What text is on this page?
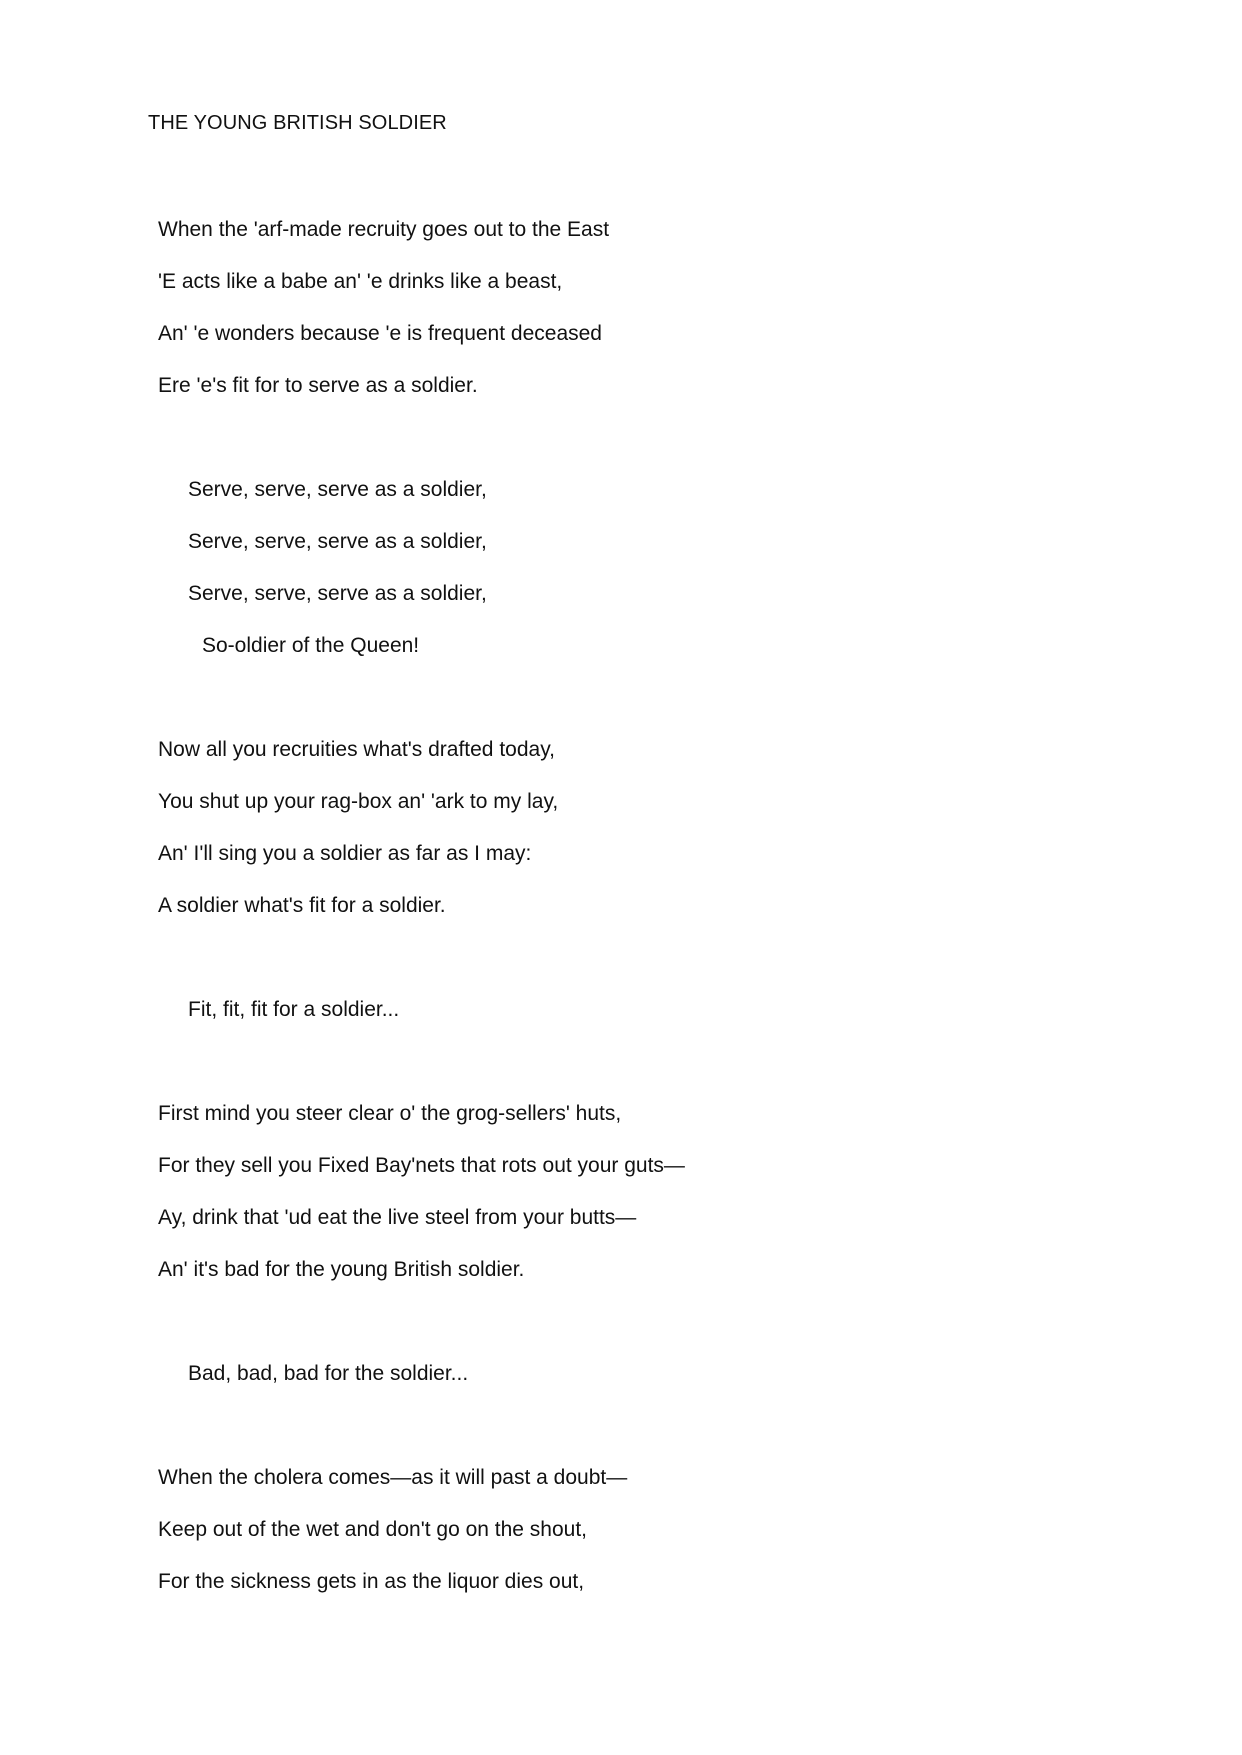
THE YOUNG BRITISH SOLDIER
When the 'arf-made recruity goes out to the East
'E acts like a babe an' 'e drinks like a beast,
An' 'e wonders because 'e is frequent deceased
Ere 'e's fit for to serve as a soldier.
Serve, serve, serve as a soldier,
Serve, serve, serve as a soldier,
Serve, serve, serve as a soldier,
So-oldier of the Queen!
Now all you recruities what's drafted today,
You shut up your rag-box an' 'ark to my lay,
An' I'll sing you a soldier as far as I may:
A soldier what's fit for a soldier.
Fit, fit, fit for a soldier...
First mind you steer clear o' the grog-sellers' huts,
For they sell you Fixed Bay'nets that rots out your guts—
Ay, drink that 'ud eat the live steel from your butts—
An' it's bad for the young British soldier.
Bad, bad, bad for the soldier...
When the cholera comes—as it will past a doubt—
Keep out of the wet and don't go on the shout,
For the sickness gets in as the liquor dies out,
